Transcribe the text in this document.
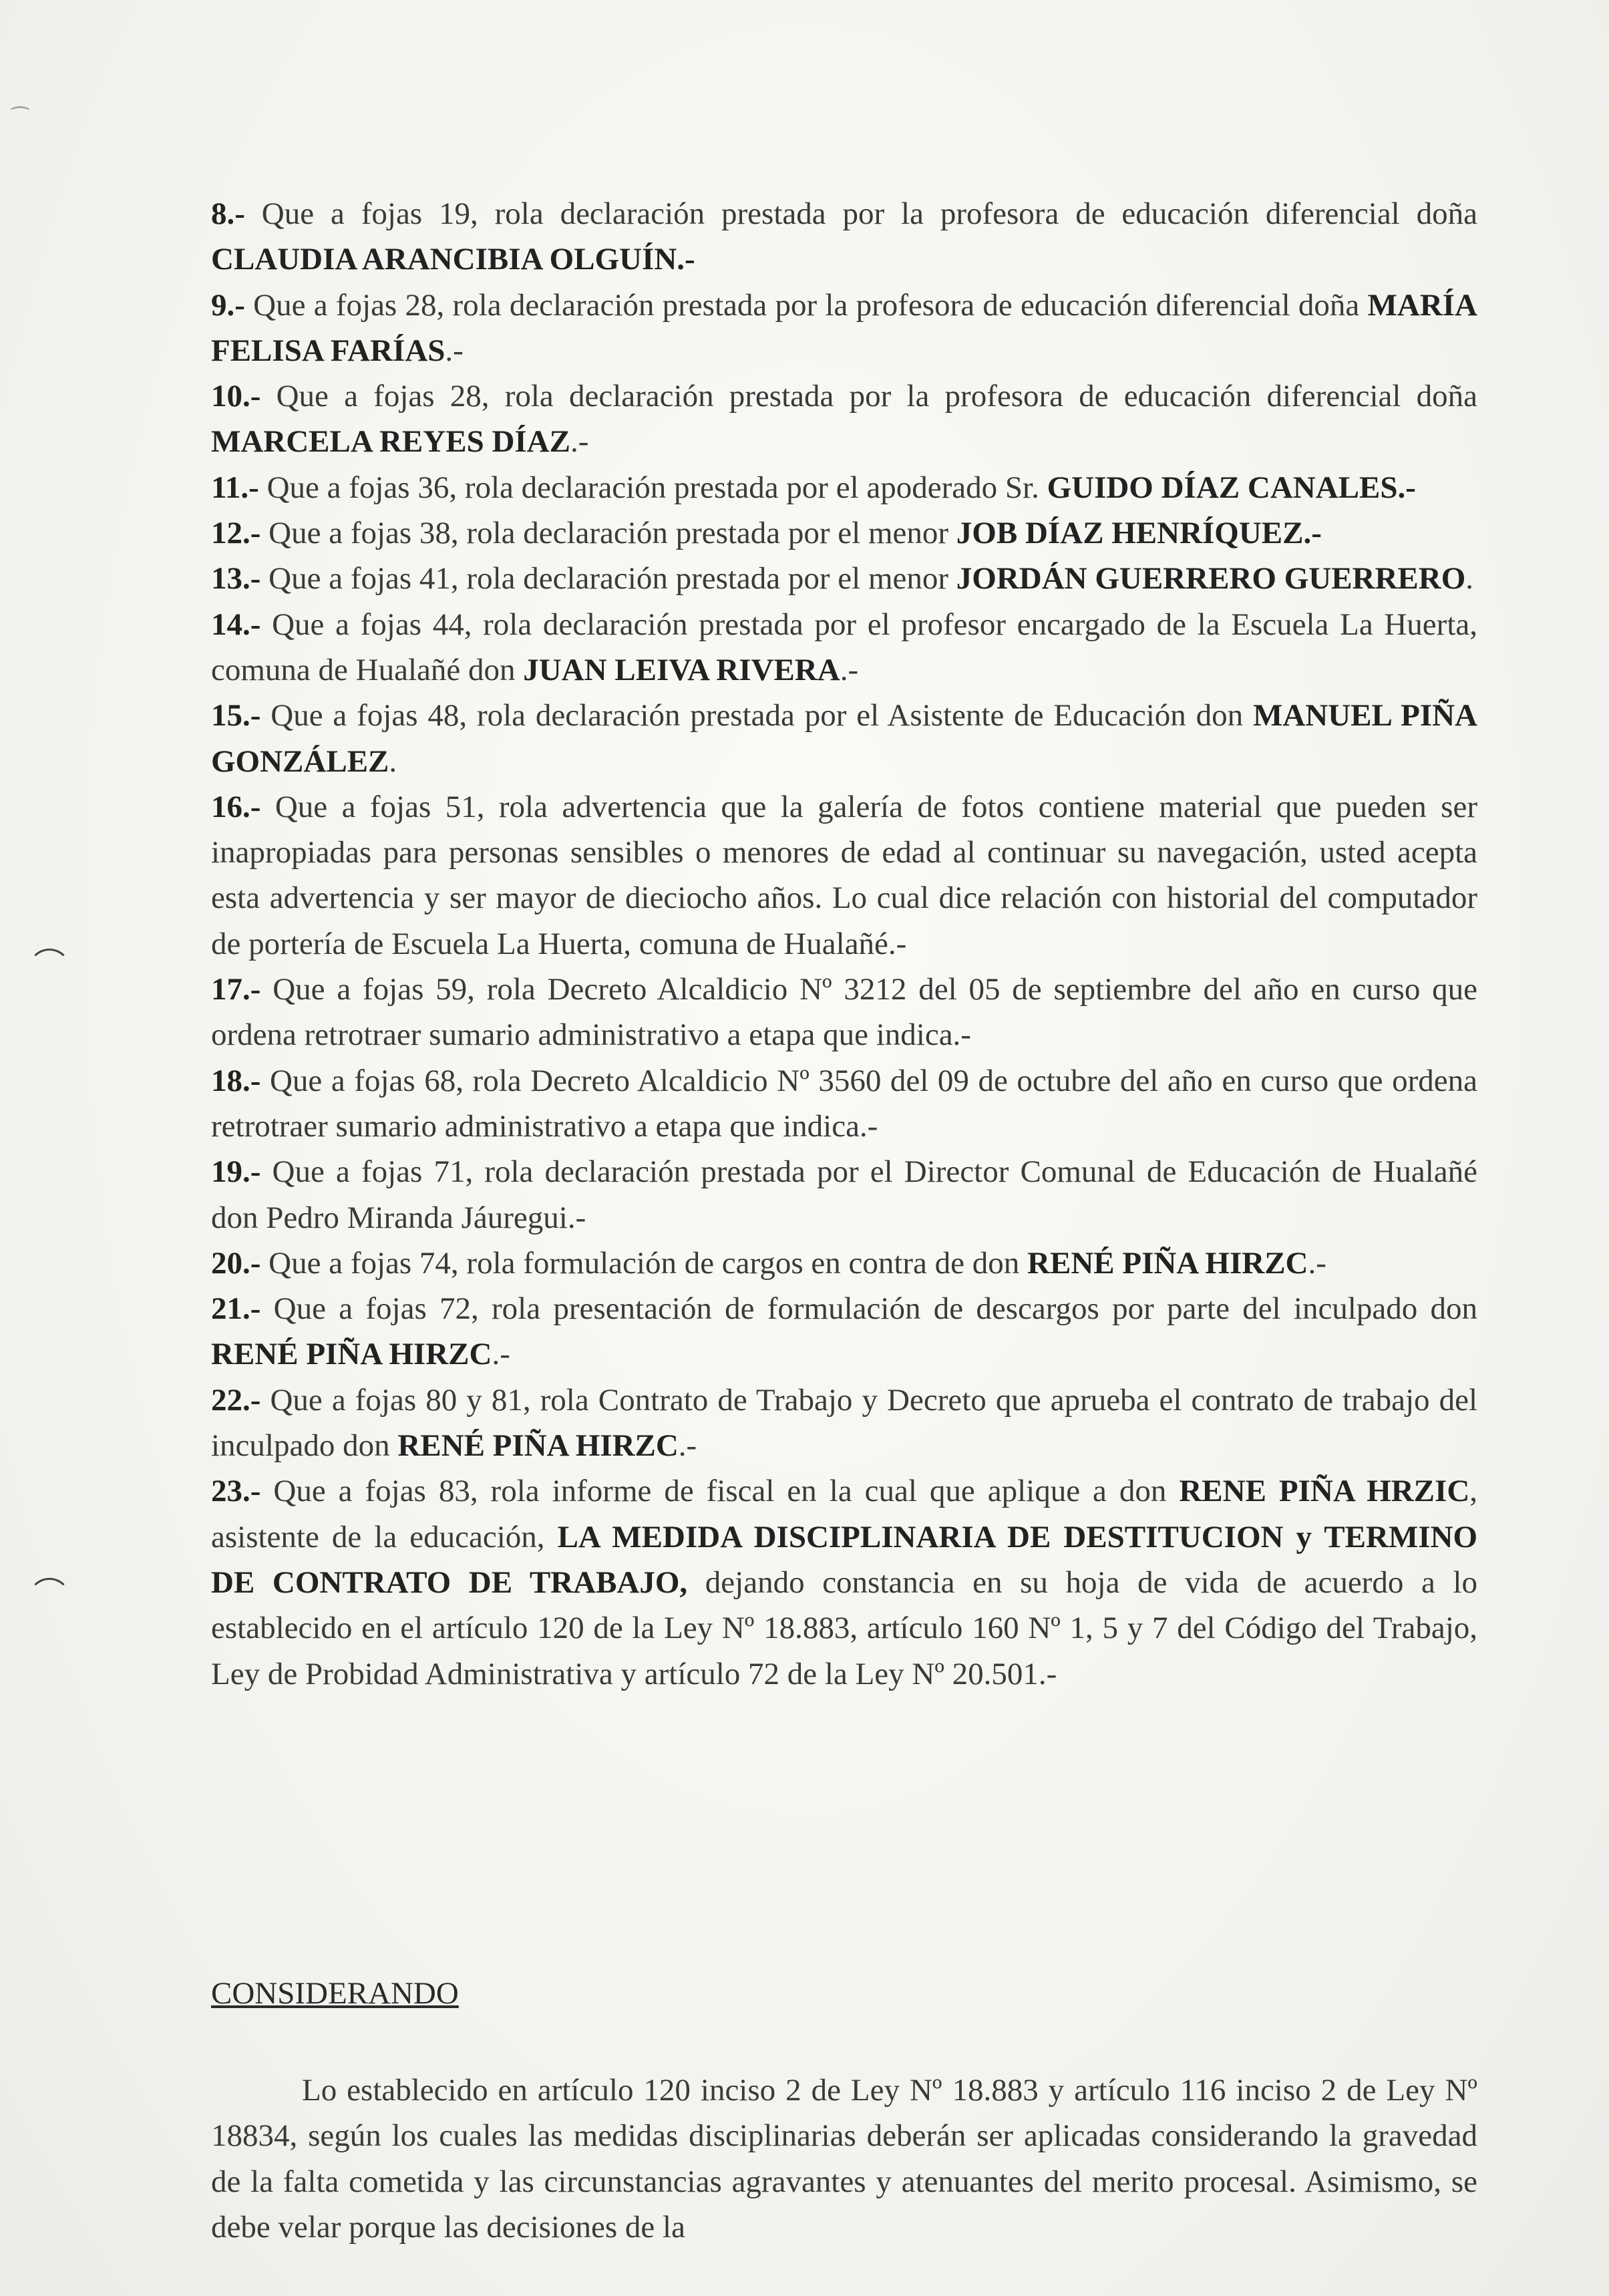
⁀

8.- Que a fojas 19, rola declaración prestada por la profesora de educación diferencial doña CLAUDIA ARANCIBIA OLGUÍN.-

9.- Que a fojas 28, rola declaración prestada por la profesora de educación diferencial doña MARÍA FELISA FARÍAS.-

10.- Que a fojas 28, rola declaración prestada por la profesora de educación diferencial doña MARCELA REYES DÍAZ.-

11.- Que a fojas 36, rola declaración prestada por el apoderado Sr. GUIDO DÍAZ CANALES.-

12.- Que a fojas 38, rola declaración prestada por el menor JOB DÍAZ HENRÍQUEZ.-

13.- Que a fojas 41, rola declaración prestada por el menor JORDÁN GUERRERO GUERRERO.

14.- Que a fojas 44, rola declaración prestada por el profesor encargado de la Escuela La Huerta, comuna de Hualañé don JUAN LEIVA RIVERA.-

15.- Que a fojas 48, rola declaración prestada por el Asistente de Educación don MANUEL PIÑA GONZÁLEZ.

16.- Que a fojas 51, rola advertencia que la galería de fotos contiene material que pueden ser inapropiadas para personas sensibles o menores de edad al continuar su navegación, usted acepta esta advertencia y ser mayor de dieciocho años. Lo cual dice relación con historial del computador de portería de Escuela La Huerta, comuna de Hualañé.-

17.- Que a fojas 59, rola Decreto Alcaldicio Nº 3212 del 05 de septiembre del año en curso que ordena retrotraer sumario administrativo a etapa que indica.-

18.- Que a fojas 68, rola Decreto Alcaldicio Nº 3560 del 09 de octubre del año en curso que ordena retrotraer sumario administrativo a etapa que indica.-

19.- Que a fojas 71, rola declaración prestada por el Director Comunal de Educación de Hualañé don Pedro Miranda Jáuregui.-

20.- Que a fojas 74, rola formulación de cargos en contra de don RENÉ PIÑA HIRZC.-

21.- Que a fojas 72, rola presentación de formulación de descargos por parte del inculpado don RENÉ PIÑA HIRZC.-

22.- Que a fojas 80 y 81, rola Contrato de Trabajo y Decreto que aprueba el contrato de trabajo del inculpado don RENÉ PIÑA HIRZC.-

23.- Que a fojas 83, rola informe de fiscal en la cual que aplique a don RENE PIÑA HRZIC, asistente de la educación, LA MEDIDA DISCIPLINARIA DE DESTITUCION y TERMINO DE CONTRATO DE TRABAJO, dejando constancia en su hoja de vida de acuerdo a lo establecido en el artículo 120 de la Ley Nº 18.883, artículo 160 Nº 1, 5 y 7 del Código del Trabajo, Ley de Probidad Administrativa y artículo 72 de la Ley Nº 20.501.-

CONSIDERANDO

Lo establecido en artículo 120 inciso 2 de Ley Nº 18.883 y artículo 116 inciso 2 de Ley Nº 18834, según los cuales las medidas disciplinarias deberán ser aplicadas considerando la gravedad de la falta cometida y las circunstancias agravantes y atenuantes del merito procesal. Asimismo, se debe velar porque las decisiones de la
